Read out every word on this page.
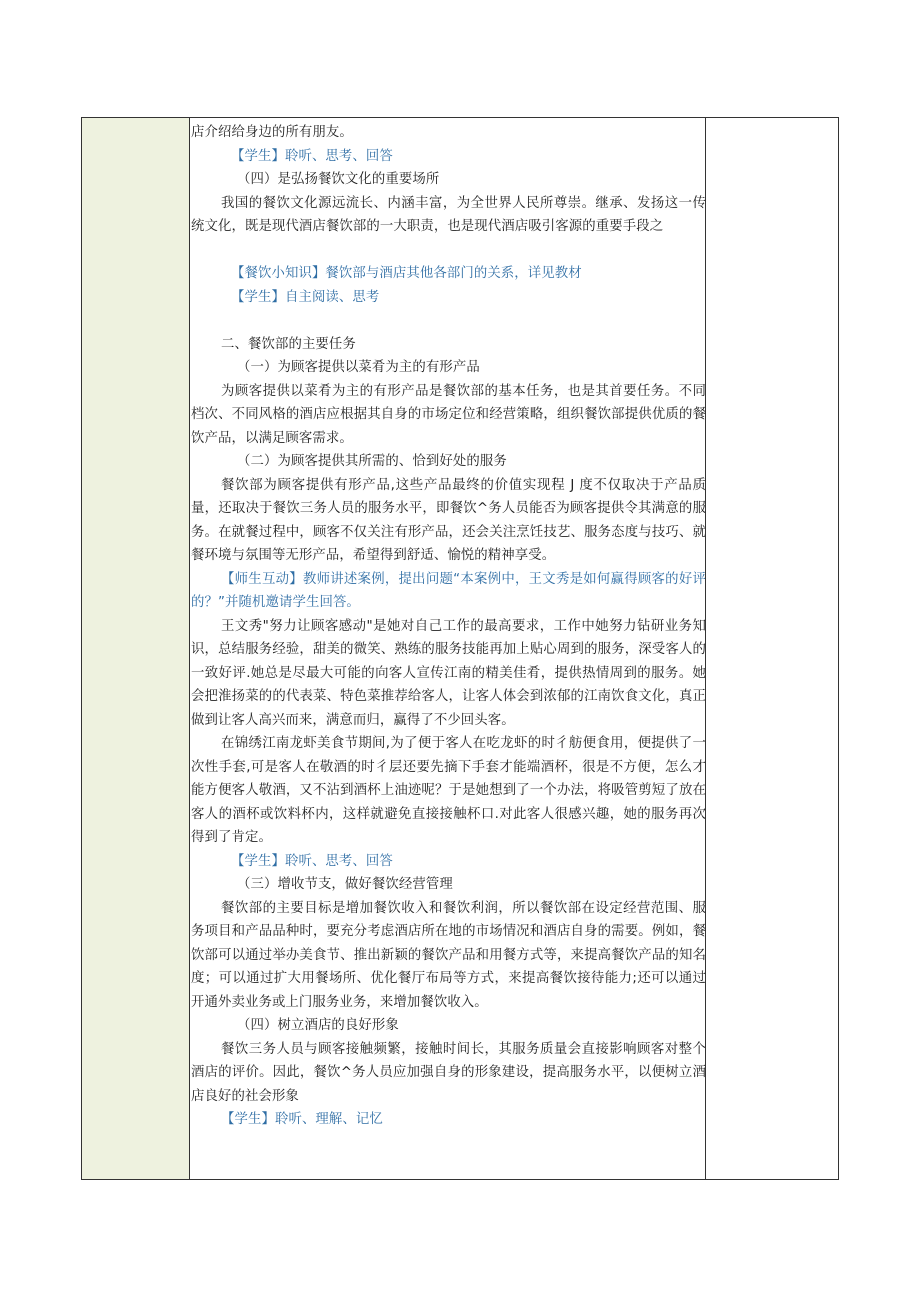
店介绍给身边的所有朋友。

【学生】聆听、思考、回答

（四）是弘扬餐饮文化的重要场所

我国的餐饮文化源远流长、内涵丰富，为全世界人民所尊崇。继承、发扬这一传统文化，既是现代酒店餐饮部的一大职责，也是现代酒店吸引客源的重要手段之

【餐饮小知识】餐饮部与酒店其他各部门的关系，详见教材

【学生】自主阅读、思考

二、餐饮部的主要任务

（一）为顾客提供以菜肴为主的有形产品

为顾客提供以菜肴为主的有形产品是餐饮部的基本任务，也是其首要任务。不同档次、不同风格的酒店应根据其自身的市场定位和经营策略，组织餐饮部提供优质的餐饮产品，以满足顾客需求。

（二）为顾客提供其所需的、恰到好处的服务

餐饮部为顾客提供有形产品,这些产品最终的价值实现程 J 度不仅取决于产品质量，还取决于餐饮三务人员的服务水平，即餐饮^务人员能否为顾客提供令其满意的服务。在就餐过程中，顾客不仅关注有形产品，还会关注烹饪技艺、服务态度与技巧、就餐环境与氛围等无形产品，希望得到舒适、愉悦的精神享受。

【师生互动】教师讲述案例，提出问题“本案例中，王文秀是如何赢得顾客的好评的？”并随机邀请学生回答。

王文秀"努力让顾客感动"是她对自己工作的最高要求，工作中她努力钻研业务知识，总结服务经验，甜美的微笑、熟练的服务技能再加上贴心周到的服务，深受客人的一致好评.她总是尽最大可能的向客人宣传江南的精美佳肴，提供热情周到的服务。她会把淮扬菜的的代表菜、特色菜推荐给客人，让客人体会到浓郁的江南饮食文化，真正做到让客人高兴而来，满意而归，赢得了不少回头客。

在锦绣江南龙虾美食节期间,为了便于客人在吃龙虾的时彳舫便食用，便提供了一次性手套,可是客人在敬酒的时彳层还要先摘下手套才能端酒杯，很是不方便，怎么才能方便客人敬酒，又不沾到酒杯上油迹呢？于是她想到了一个办法，将吸管剪短了放在客人的酒杯或饮料杯内，这样就避免直接接触杯口.对此客人很感兴趣，她的服务再次得到了肯定。

【学生】聆听、思考、回答

（三）增收节支，做好餐饮经营管理

餐饮部的主要目标是增加餐饮收入和餐饮利润，所以餐饮部在设定经营范围、服务项目和产品品种时，要充分考虑酒店所在地的市场情况和酒店自身的需要。例如，餐饮部可以通过举办美食节、推出新颖的餐饮产品和用餐方式等，来提高餐饮产品的知名度；可以通过扩大用餐场所、优化餐厅布局等方式，来提高餐饮接待能力;还可以通过开通外卖业务或上门服务业务，来增加餐饮收入。

（四）树立酒店的良好形象

餐饮三务人员与顾客接触频繁，接触时间长，其服务质量会直接影响顾客对整个酒店的评价。因此，餐饮^务人员应加强自身的形象建设，提高服务水平，以便树立酒店良好的社会形象

【学生】聆听、理解、记忆
